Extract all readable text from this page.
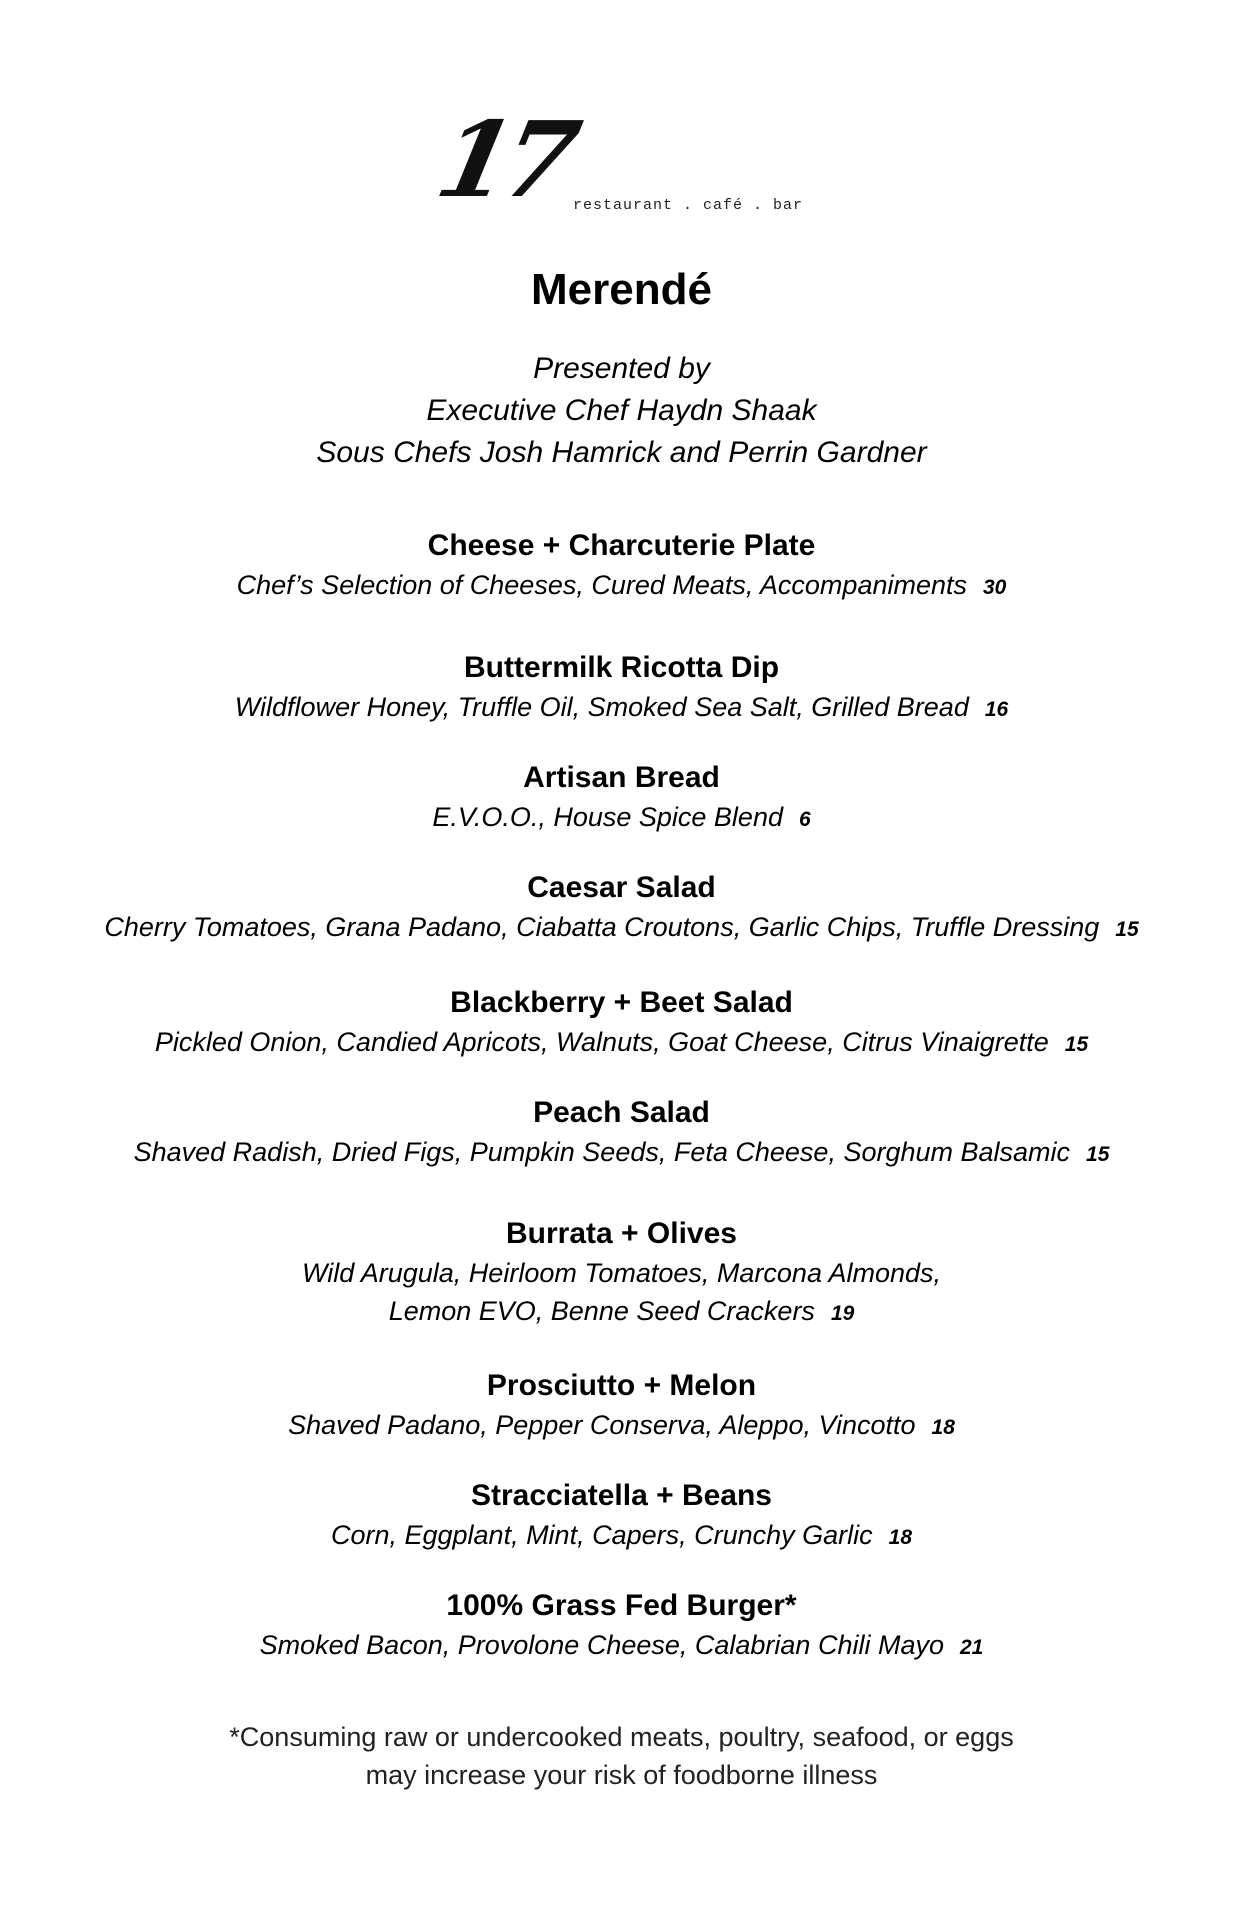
17
restaurant . café . bar
Merendé
Presented by
Executive Chef Haydn Shaak
Sous Chefs Josh Hamrick and Perrin Gardner
Cheese + Charcuterie Plate
Chef’s Selection of Cheeses, Cured Meats, Accompaniments 30
Buttermilk Ricotta Dip
Wildflower Honey, Truffle Oil, Smoked Sea Salt, Grilled Bread 16
Artisan Bread
E.V.O.O., House Spice Blend 6
Caesar Salad
Cherry Tomatoes, Grana Padano, Ciabatta Croutons, Garlic Chips, Truffle Dressing 15
Blackberry + Beet Salad
Pickled Onion, Candied Apricots, Walnuts, Goat Cheese, Citrus Vinaigrette 15
Peach Salad
Shaved Radish, Dried Figs, Pumpkin Seeds, Feta Cheese, Sorghum Balsamic 15
Burrata + Olives
Wild Arugula, Heirloom Tomatoes, Marcona Almonds,
Lemon EVO, Benne Seed Crackers 19
Prosciutto + Melon
Shaved Padano, Pepper Conserva, Aleppo, Vincotto 18
Stracciatella + Beans
Corn, Eggplant, Mint, Capers, Crunchy Garlic 18
100% Grass Fed Burger*
Smoked Bacon, Provolone Cheese, Calabrian Chili Mayo 21
*Consuming raw or undercooked meats, poultry, seafood, or eggs
may increase your risk of foodborne illness
